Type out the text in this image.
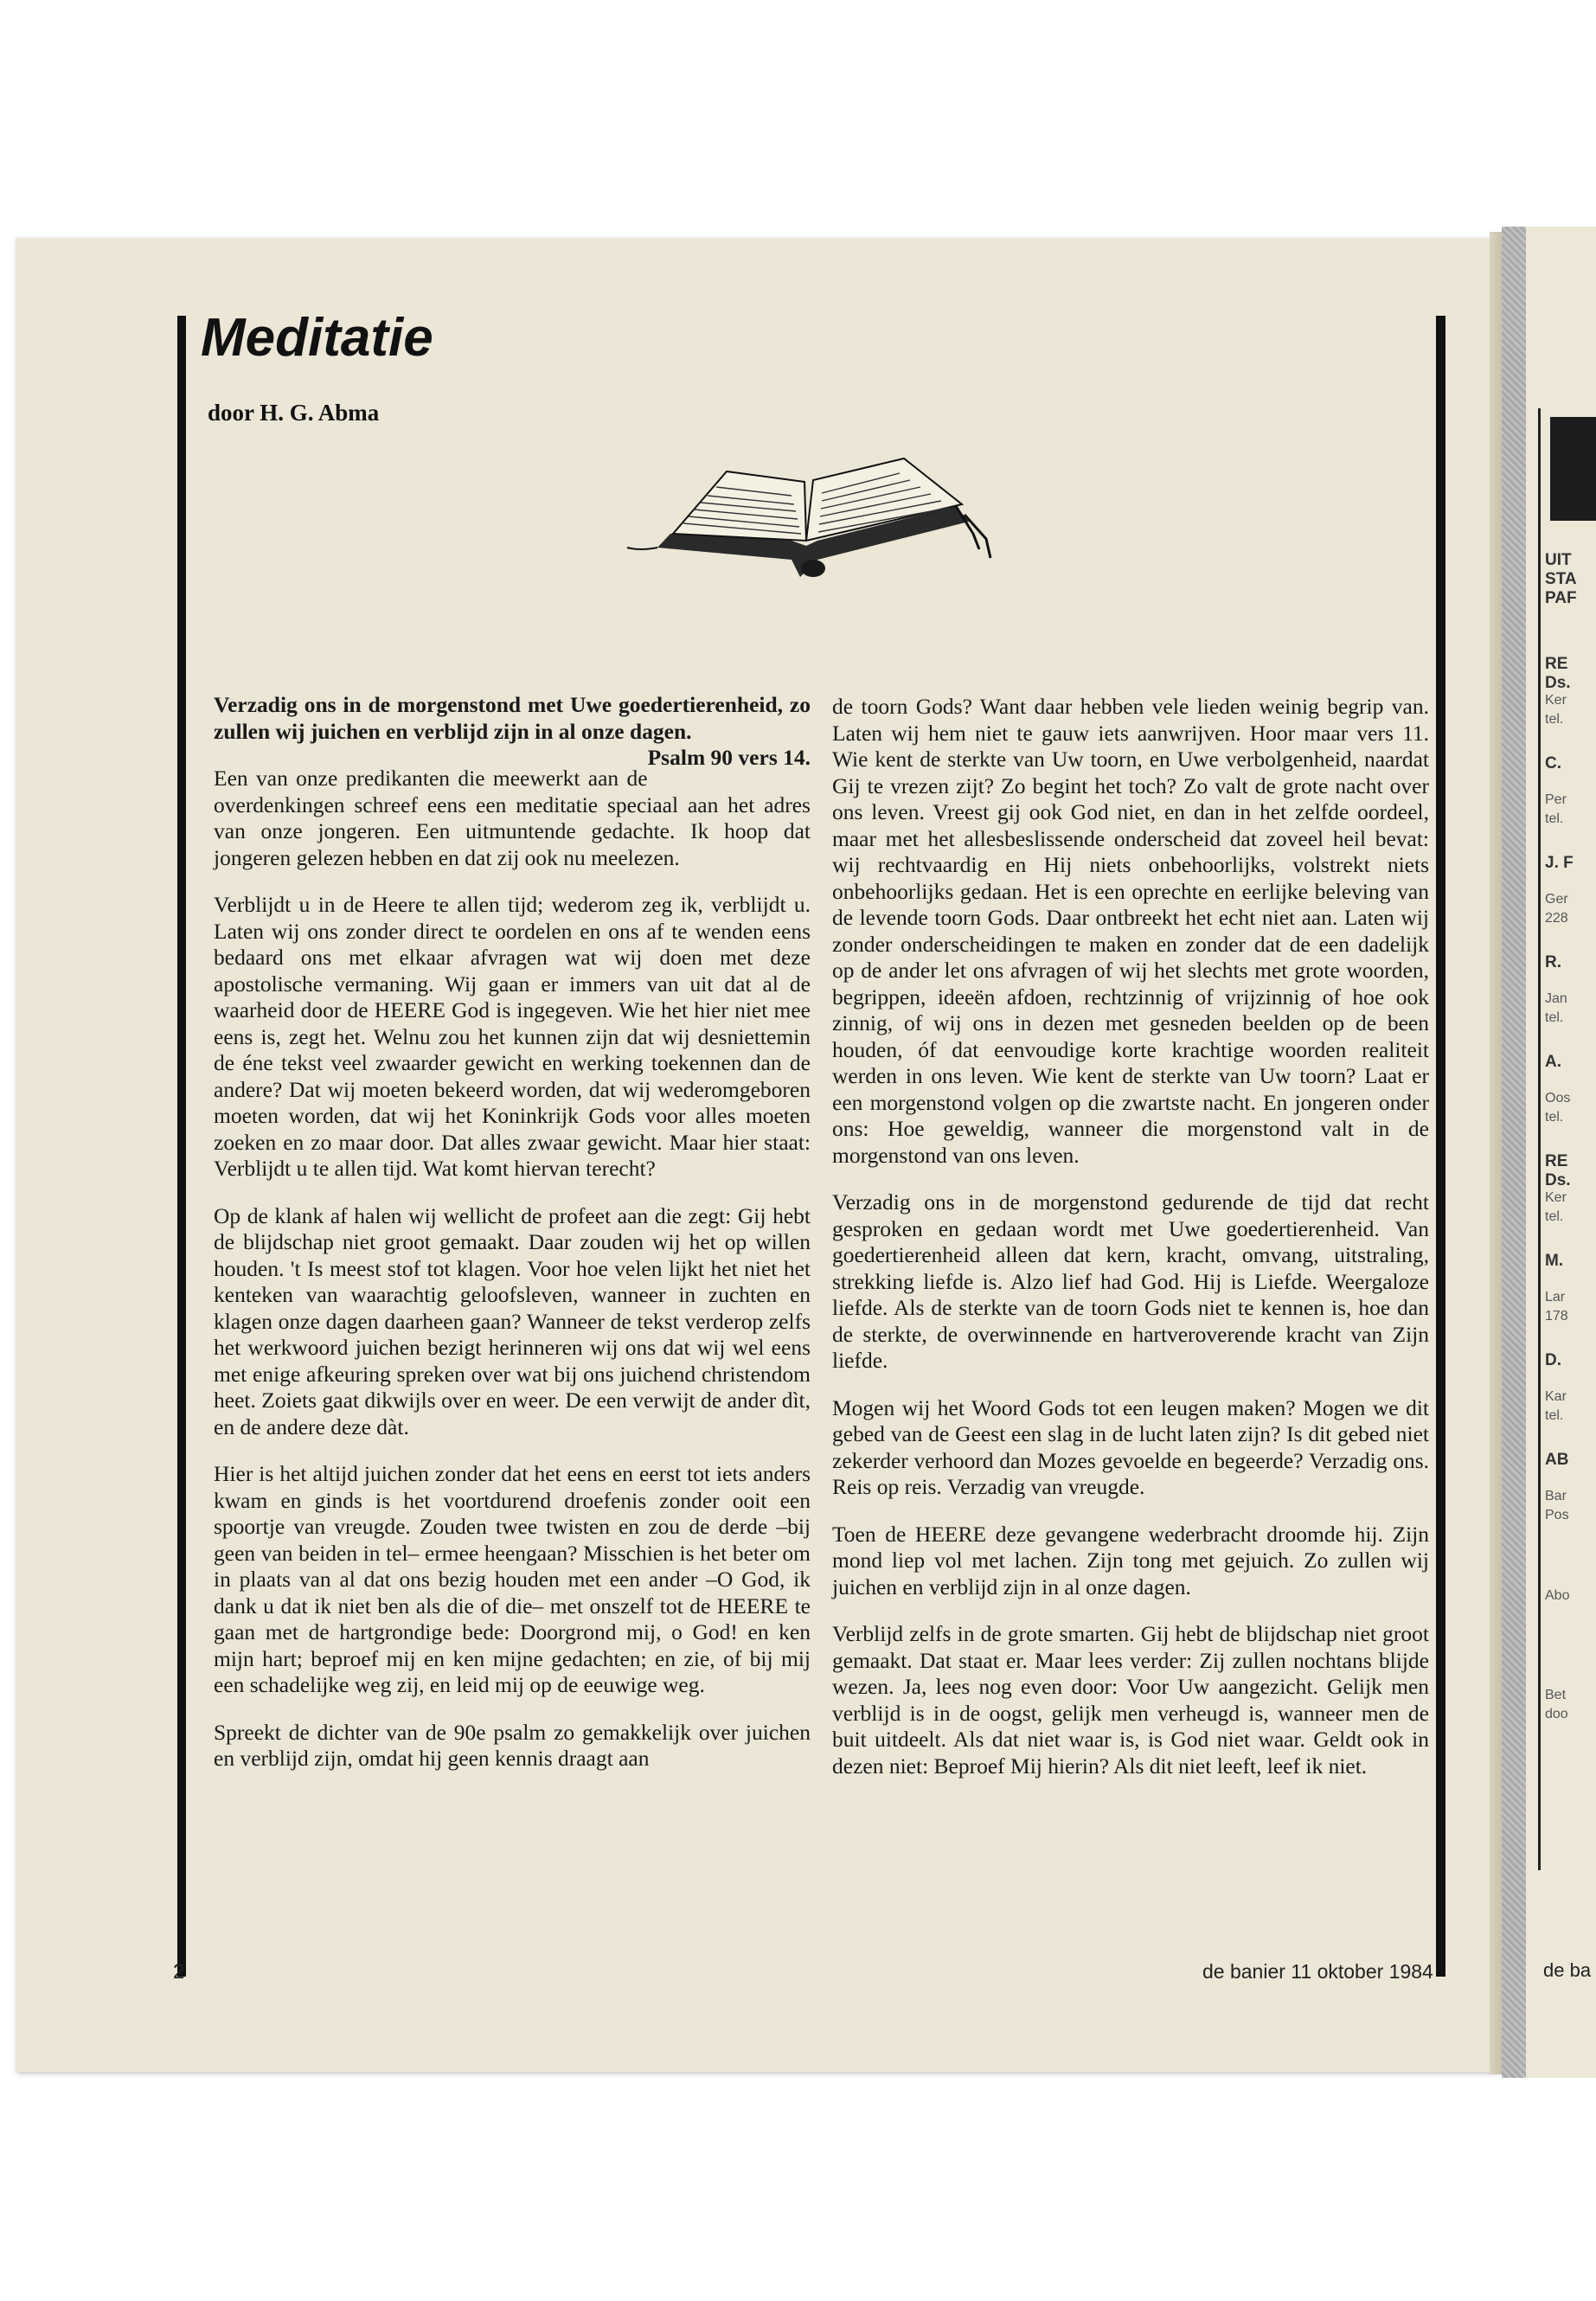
UIT
STA
PAF
RE
Ds.
Ker
tel.
C.
Per
tel.
J. F
Ger
228
R.
Jan
tel.
A.
Oos
tel.
RE
Ds.
Ker
tel.
M.
Lar
178
D.
Kar
tel.
AB
Bar
Pos
Abo
Bet
doo
de ba
Meditatie
door H. G. Abma

Verzadig ons in de morgenstond met Uwe goedertierenheid, zo zullen wij juichen en verblijd zijn in al onze dagen.
Psalm 90 vers 14.

Een van onze predikanten die meewerkt aan de overdenkingen schreef eens een meditatie speciaal aan het adres van onze jongeren. Een uitmuntende gedachte. Ik hoop dat jongeren gelezen hebben en dat zij ook nu meelezen.

Verblijdt u in de Heere te allen tijd; wederom zeg ik, verblijdt u. Laten wij ons zonder direct te oordelen en ons af te wenden eens bedaard ons met elkaar afvragen wat wij doen met deze apostolische vermaning. Wij gaan er immers van uit dat al de waarheid door de HEERE God is ingegeven. Wie het hier niet mee eens is, zegt het. Welnu zou het kunnen zijn dat wij desniettemin de éne tekst veel zwaarder gewicht en werking toekennen dan de andere? Dat wij moeten bekeerd worden, dat wij wederomgeboren moeten worden, dat wij het Koninkrijk Gods voor alles moeten zoeken en zo maar door. Dat alles zwaar gewicht. Maar hier staat: Verblijdt u te allen tijd. Wat komt hiervan terecht?

Op de klank af halen wij wellicht de profeet aan die zegt: Gij hebt de blijdschap niet groot gemaakt. Daar zouden wij het op willen houden. 't Is meest stof tot klagen. Voor hoe velen lijkt het niet het kenteken van waarachtig geloofsleven, wanneer in zuchten en klagen onze dagen daarheen gaan? Wanneer de tekst verderop zelfs het werkwoord juichen bezigt herinneren wij ons dat wij wel eens met enige afkeuring spreken over wat bij ons juichend christendom heet. Zoiets gaat dikwijls over en weer. De een verwijt de ander dìt, en de andere deze dàt.

Hier is het altijd juichen zonder dat het eens en eerst tot iets anders kwam en ginds is het voortdurend droefenis zonder ooit een spoortje van vreugde. Zouden twee twisten en zou de derde –bij geen van beiden in tel– ermee heengaan? Misschien is het beter om in plaats van al dat ons bezig houden met een ander –O God, ik dank u dat ik niet ben als die of die– met onszelf tot de HEERE te gaan met de hartgrondige bede: Doorgrond mij, o God! en ken mijn hart; beproef mij en ken mijne gedachten; en zie, of bij mij een schadelijke weg zij, en leid mij op de eeuwige weg.

Spreekt de dichter van de 90e psalm zo gemakkelijk over juichen en verblijd zijn, omdat hij geen kennis draagt aan

de toorn Gods? Want daar hebben vele lieden weinig begrip van. Laten wij hem niet te gauw iets aanwrijven. Hoor maar vers 11. Wie kent de sterkte van Uw toorn, en Uwe verbolgenheid, naardat Gij te vrezen zijt? Zo begint het toch? Zo valt de grote nacht over ons leven. Vreest gij ook God niet, en dan in het zelfde oordeel, maar met het allesbeslissende onderscheid dat zoveel heil bevat: wij rechtvaardig en Hij niets onbehoorlijks, volstrekt niets onbehoorlijks gedaan. Het is een oprechte en eerlijke beleving van de levende toorn Gods. Daar ontbreekt het echt niet aan. Laten wij zonder onderscheidingen te maken en zonder dat de een dadelijk op de ander let ons afvragen of wij het slechts met grote woorden, begrippen, ideeën afdoen, rechtzinnig of vrijzinnig of hoe ook zinnig, of wij ons in dezen met gesneden beelden op de been houden, óf dat eenvoudige korte krachtige woorden realiteit werden in ons leven. Wie kent de sterkte van Uw toorn? Laat er een morgenstond volgen op die zwartste nacht. En jongeren onder ons: Hoe geweldig, wanneer die morgenstond valt in de morgenstond van ons leven.

Verzadig ons in de morgenstond gedurende de tijd dat recht gesproken en gedaan wordt met Uwe goedertierenheid. Van goedertierenheid alleen dat kern, kracht, omvang, uitstraling, strekking liefde is. Alzo lief had God. Hij is Liefde. Weergaloze liefde. Als de sterkte van de toorn Gods niet te kennen is, hoe dan de sterkte, de overwinnende en hartveroverende kracht van Zijn liefde.

Mogen wij het Woord Gods tot een leugen maken? Mogen we dit gebed van de Geest een slag in de lucht laten zijn? Is dit gebed niet zekerder verhoord dan Mozes gevoelde en begeerde? Verzadig ons. Reis op reis. Verzadig van vreugde.

Toen de HEERE deze gevangene wederbracht droomde hij. Zijn mond liep vol met lachen. Zijn tong met gejuich. Zo zullen wij juichen en verblijd zijn in al onze dagen.

Verblijd zelfs in de grote smarten. Gij hebt de blijdschap niet groot gemaakt. Dat staat er. Maar lees verder: Zij zullen nochtans blijde wezen. Ja, lees nog even door: Voor Uw aangezicht. Gelijk men verblijd is in de oogst, gelijk men verheugd is, wanneer men de buit uitdeelt. Als dat niet waar is, is God niet waar. Geldt ook in dezen niet: Beproef Mij hierin? Als dit niet leeft, leef ik niet.

2	de banier 11 oktober 1984
